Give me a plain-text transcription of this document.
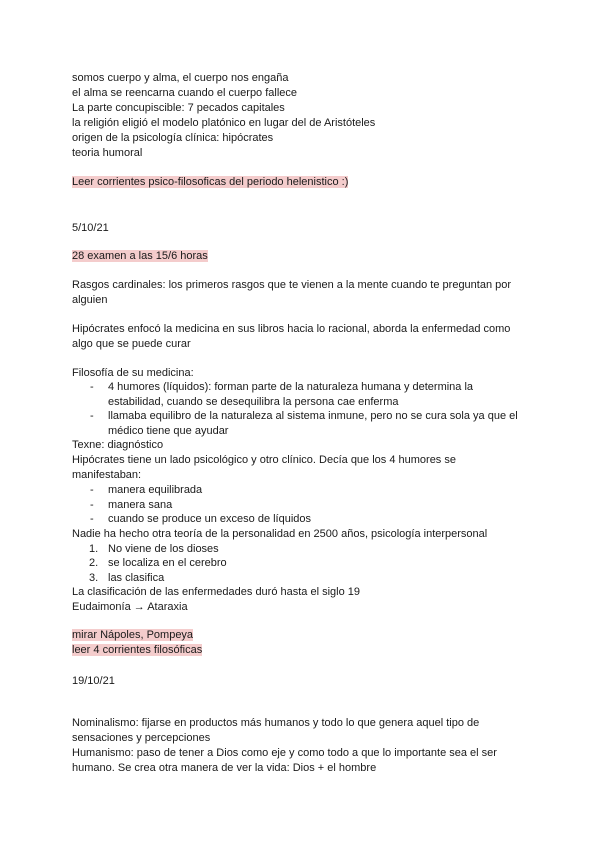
somos cuerpo y alma, el cuerpo nos engaña
el alma se reencarna cuando el cuerpo fallece
La parte concupiscible: 7 pecados capitales
la religión eligió el modelo platónico en lugar del de Aristóteles
origen de la psicología clínica: hipócrates
teoria humoral
Leer corrientes psico-filosoficas del periodo helenistico :)
5/10/21
28 examen a las 15/6 horas
Rasgos cardinales: los primeros rasgos que te vienen a la mente cuando te preguntan por
alguien
Hipócrates enfocó la medicina en sus libros hacia lo racional, aborda la enfermedad como
algo que se puede curar
Filosofía de su medicina:
-	4 humores (líquidos): forman parte de la naturaleza humana y determina la
estabilidad, cuando se desequilibra la persona cae enferma
-	llamaba equilibro de la naturaleza al sistema inmune, pero no se cura sola ya que el
médico tiene que ayudar
Texne: diagnóstico
Hipócrates tiene un lado psicológico y otro clínico. Decía que los 4 humores se
manifestaban:
-	manera equilibrada
-	manera sana
-	cuando se produce un exceso de líquidos
Nadie ha hecho otra teoría de la personalidad en 2500 años, psicología interpersonal
1. No viene de los dioses
2. se localiza en el cerebro
3. las clasifica
La clasificación de las enfermedades duró hasta el siglo 19
Eudaimonía → Ataraxia
mirar Nápoles, Pompeya
leer 4 corrientes filosóficas
19/10/21
Nominalismo: fijarse en productos más humanos y todo lo que genera aquel tipo de
sensaciones y percepciones
Humanismo: paso de tener a Dios como eje y como todo a que lo importante sea el ser
humano. Se crea otra manera de ver la vida: Dios + el hombre
